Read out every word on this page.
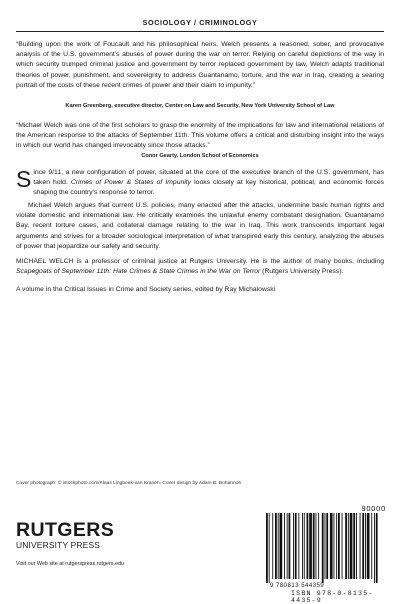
SOCIOLOGY / CRIMINOLOGY

“Building upon the work of Foucault and his philosophical heirs, Welch presents a reasoned, sober, and provocative analysis of the U.S. government’s abuses of power during the war on terror. Relying on careful depictions of the way in which security trumped criminal justice and government by terror replaced government by law, Welch adapts traditional theories of power, punishment, and sovereignty to address Guantanamo, torture, and the war in Iraq, creating a searing portrait of the costs of these recent crimes of power and their claim to impunity.”

Karen Greenberg, executive director, Center on Law and Security, New York University School of Law

“Michael Welch was one of the first scholars to grasp the enormity of the implications for law and international relations of the American response to the attacks of September 11th. This volume offers a critical and disturbing insight into the ways in which our world has changed irrevocably since those attacks.”

Conor Gearty, London School of Economics

Since 9/11, a new configuration of power, situated at the core of the executive branch of the U.S. government, has taken hold. Crimes of Power & States of Impunity looks closely at key historical, political, and economic forces shaping the country’s response to terror.

Michael Welch argues that current U.S. policies, many enacted after the attacks, undermine basic human rights and violate domestic and international law. He critically examines the unlawful enemy combatant designation, Guantanamo Bay, recent torture cases, and collateral damage relating to the war in Iraq. This work transcends important legal arguments and strives for a broader sociological interpretation of what transpired early this century, analyzing the abuses of power that jeopardize our safety and security.

MICHAEL WELCH is a professor of criminal justice at Rutgers University. He is the author of many books, including Scapegoats of September 11th: Hate Crimes & State Crimes in the War on Terror (Rutgers University Press).

A volume in the Critical Issues in Crime and Society series, edited by Ray Michalowski

Cover photograph: © istockphoto.com/Klaas Lingbeek-van Kranen. Cover design by Adam B. Bohannon
RUTGERS
UNIVERSITY PRESS
Visit our Web site at rutgerspress.rutgers.edu
90000
9 780813 544359
ISBN 978-0-8135-4435-9
